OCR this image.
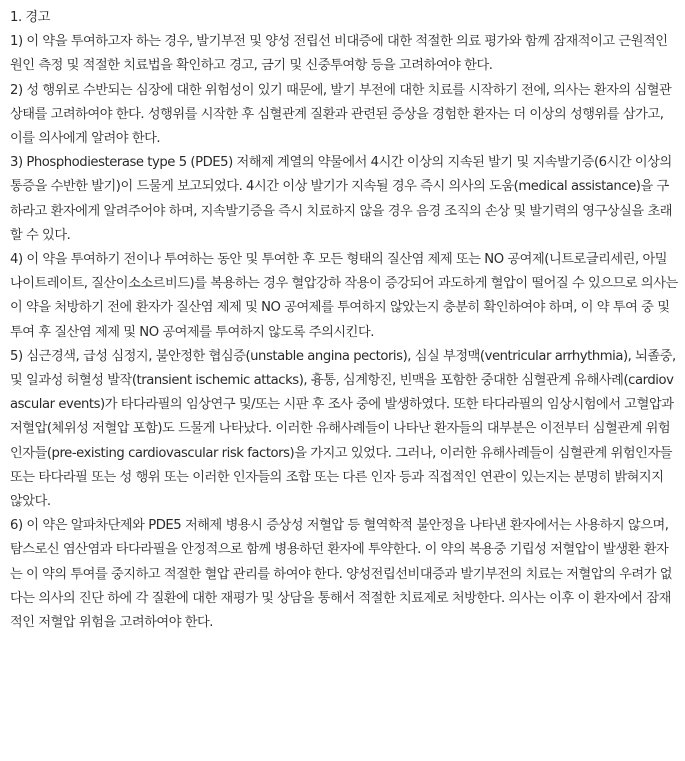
1. 경고

1) 이 약을 투여하고자 하는 경우, 발기부전 및 양성 전립선 비대증에 대한 적절한 의료 평가와 함께 잠재적이고 근원적인 원인 측정 및 적절한 치료법을 확인하고 경고, 금기 및 신중투여항 등을 고려하여야 한다.

2) 성 행위로 수반되는 심장에 대한 위험성이 있기 때문에, 발기 부전에 대한 치료를 시작하기 전에, 의사는 환자의 심혈관 상태를 고려하여야 한다. 성행위를 시작한 후 심혈관계 질환과 관련된 증상을 경험한 환자는 더 이상의 성행위를 삼가고, 이를 의사에게 알려야 한다.

3) Phosphodiesterase type 5 (PDE5) 저해제 계열의 약물에서 4시간 이상의 지속된 발기 및 지속발기증(6시간 이상의 통증을 수반한 발기)이 드물게 보고되었다. 4시간 이상 발기가 지속될 경우 즉시 의사의 도움(medical assistance)을 구하라고 환자에게 알려주어야 하며, 지속발기증을 즉시 치료하지 않을 경우 음경 조직의 손상 및 발기력의 영구상실을 초래할 수 있다.

4) 이 약을 투여하기 전이나 투여하는 동안 및 투여한 후 모든 형태의 질산염 제제 또는 NO 공여제(니트로글리세린, 아밀나이트레이트, 질산이소소르비드)를 복용하는 경우 혈압강하 작용이 증강되어 과도하게 혈압이 떨어질 수 있으므로 의사는 이 약을 처방하기 전에 환자가 질산염 제제 및 NO 공여제를 투여하지 않았는지 충분히 확인하여야 하며, 이 약 투여 중 및 투여 후 질산염 제제 및 NO 공여제를 투여하지 않도록 주의시킨다.

5) 심근경색, 급성 심정지, 불안정한 협심증(unstable angina pectoris), 심실 부정맥(ventricular arrhythmia), 뇌졸중, 및 일과성 허혈성 발작(transient ischemic attacks), 흉통, 심계항진, 빈맥을 포함한 중대한 심혈관계 유해사례(cardiovascular events)가 타다라필의 임상연구 및/또는 시판 후 조사 중에 발생하였다. 또한 타다라필의 임상시험에서 고혈압과 저혈압(체위성 저혈압 포함)도 드물게 나타났다. 이러한 유해사례들이 나타난 환자들의 대부분은 이전부터 심혈관계 위험인자들(pre-existing cardiovascular risk factors)을 가지고 있었다. 그러나, 이러한 유해사례들이 심혈관계 위험인자들 또는 타다라필 또는 성 행위 또는 이러한 인자들의 조합 또는 다른 인자 등과 직접적인 연관이 있는지는 분명히 밝혀지지 않았다.

6) 이 약은 알파차단제와 PDE5 저해제 병용시 증상성 저혈압 등 혈역학적 불안정을 나타낸 환자에서는 사용하지 않으며, 탐스로신 염산염과 타다라필을 안정적으로 함께 병용하던 환자에 투약한다. 이 약의 복용중 기립성 저혈압이 발생환 환자는 이 약의 투여를 중지하고 적절한 혈압 관리를 하여야 한다. 양성전립선비대증과 발기부전의 치료는 저혈압의 우려가 없다는 의사의 진단 하에 각 질환에 대한 재평가 및 상담을 통해서 적절한 치료제로 처방한다. 의사는 이후 이 환자에서 잠재적인 저혈압 위험을 고려하여야 한다.
